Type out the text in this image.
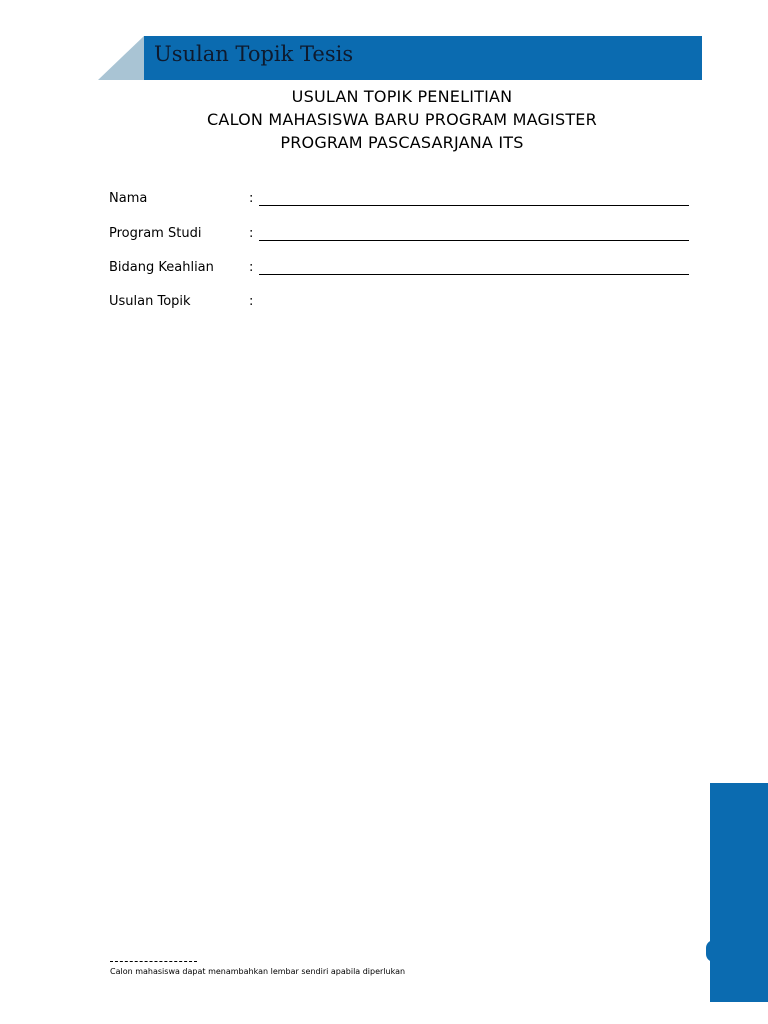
Usulan Topik Tesis
USULAN TOPIK PENELITIAN
CALON MAHASISWA BARU PROGRAM MAGISTER
PROGRAM PASCASARJANA ITS
Nama	:
Program Studi	:
Bidang Keahlian	:
Usulan Topik	:
Calon mahasiswa dapat menambahkan lembar sendiri apabila diperlukan
